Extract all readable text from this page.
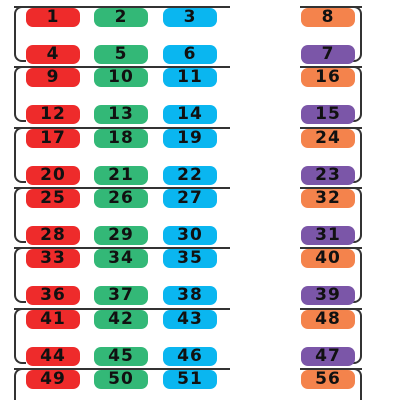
1	2	3	8
4	5	6	7
9	10	11	16
12	13	14	15
17	18	19	24
20	21	22	23
25	26	27	32
28	29	30	31
33	34	35	40
36	37	38	39
41	42	43	48
44	45	46	47
49	50	51	56
